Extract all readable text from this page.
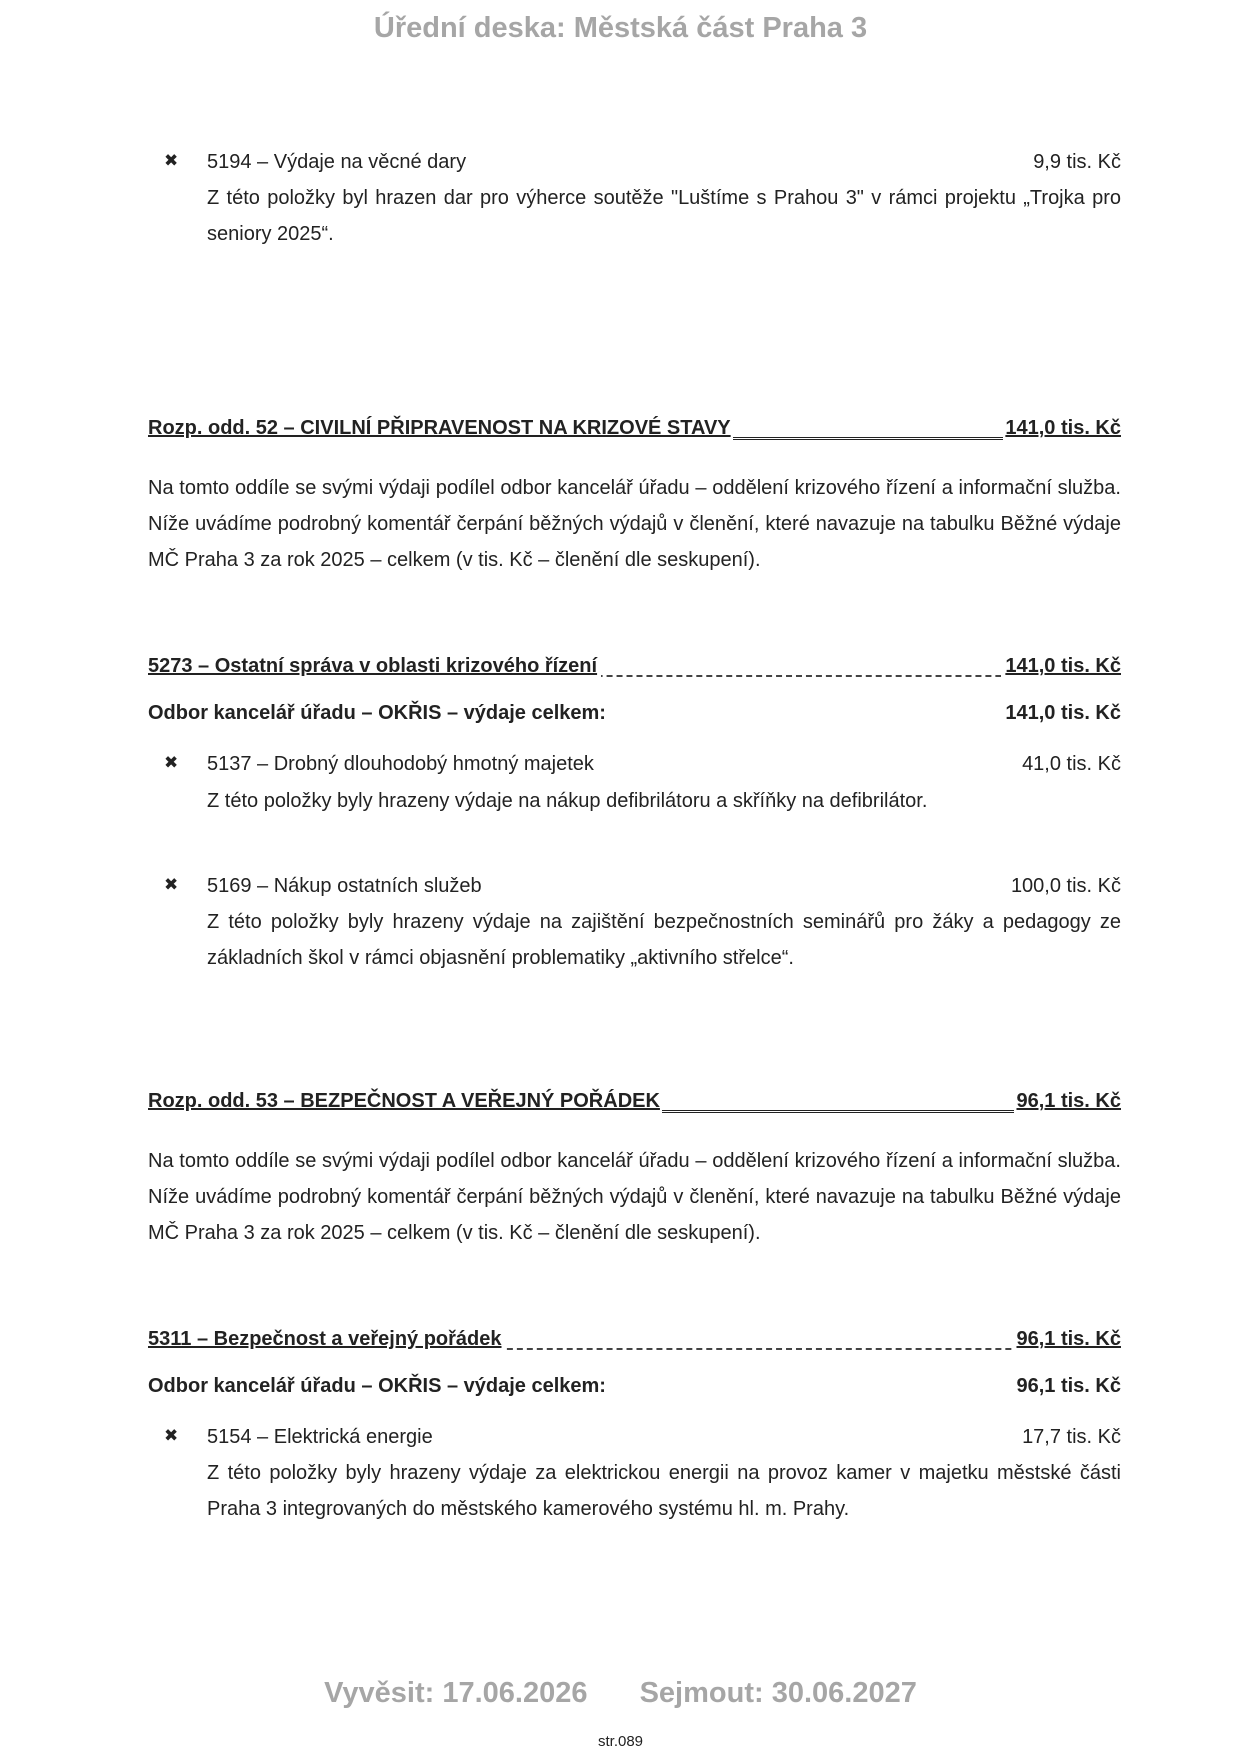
Úřední deska: Městská část Praha 3
✖ 5194 – Výdaje na věcné dary	9,9 tis. Kč
Z této položky byl hrazen dar pro výherce soutěže "Luštíme s Prahou 3" v rámci projektu „Trojka pro seniory 2025“.
Rozp. odd. 52 – CIVILNÍ PŘIPRAVENOST NA KRIZOVÉ STAVY	141,0 tis. Kč
Na tomto oddíle se svými výdaji podílel odbor kancelář úřadu – oddělení krizového řízení a informační služba. Níže uvádíme podrobný komentář čerpání běžných výdajů v členění, které navazuje na tabulku Běžné výdaje MČ Praha 3 za rok 2025 – celkem (v tis. Kč – členění dle seskupení).
5273 – Ostatní správa v oblasti krizového řízení	141,0 tis. Kč
Odbor kancelář úřadu – OKŘIS – výdaje celkem:	141,0 tis. Kč
✖ 5137 – Drobný dlouhodobý hmotný majetek	41,0 tis. Kč
Z této položky byly hrazeny výdaje na nákup defibrilátoru a skříňky na defibrilátor.
✖ 5169 – Nákup ostatních služeb	100,0 tis. Kč
Z této položky byly hrazeny výdaje na zajištění bezpečnostních seminářů pro žáky a pedagogy ze základních škol v rámci objasnění problematiky „aktivního střelce“.
Rozp. odd. 53 – BEZPEČNOST A VEŘEJNÝ POŘÁDEK	96,1 tis. Kč
Na tomto oddíle se svými výdaji podílel odbor kancelář úřadu – oddělení krizového řízení a informační služba. Níže uvádíme podrobný komentář čerpání běžných výdajů v členění, které navazuje na tabulku Běžné výdaje MČ Praha 3 za rok 2025 – celkem (v tis. Kč – členění dle seskupení).
5311 – Bezpečnost a veřejný pořádek	96,1 tis. Kč
Odbor kancelář úřadu – OKŘIS – výdaje celkem:	96,1 tis. Kč
✖ 5154 – Elektrická energie	17,7 tis. Kč
Z této položky byly hrazeny výdaje za elektrickou energii na provoz kamer v majetku městské části Praha 3 integrovaných do městského kamerového systému hl. m. Prahy.
Vyvěsit: 17.06.2026 Sejmout: 30.06.2027
str.089
